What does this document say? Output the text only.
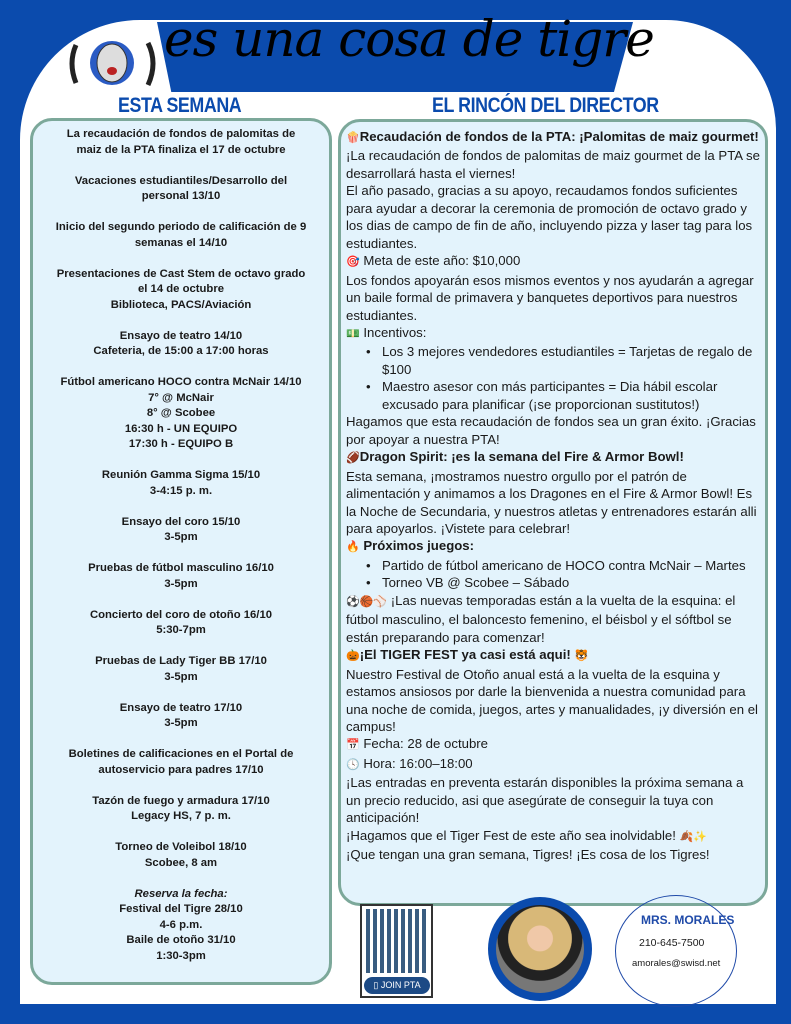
es una cosa de tigre
ESTA SEMANA	EL RINCÓN DEL DIRECTOR
La recaudación de fondos de palomitas de
maiz de la PTA finaliza el 17 de octubre
Vacaciones estudiantiles/Desarrollo del
personal 13/10
Inicio del segundo periodo de calificación de 9
semanas el 14/10
Presentaciones de Cast Stem de octavo grado
el 14 de octubre
Biblioteca, PACS/Aviación
Ensayo de teatro 14/10
Cafeteria, de 15:00 a 17:00 horas
Fútbol americano HOCO contra McNair 14/10
7° @ McNair
8° @ Scobee
16:30 h - UN EQUIPO
17:30 h - EQUIPO B
Reunión Gamma Sigma 15/10
3-4:15 p. m.
Ensayo del coro 15/10
3-5pm
Pruebas de fútbol masculino 16/10
3-5pm
Concierto del coro de otoño 16/10
5:30-7pm
Pruebas de Lady Tiger BB 17/10
3-5pm
Ensayo de teatro 17/10
3-5pm
Boletines de calificaciones en el Portal de
autoservicio para padres 17/10
Tazón de fuego y armadura 17/10
Legacy HS, 7 p. m.
Torneo de Voleibol 18/10
Scobee, 8 am
Reserva la fecha:
Festival del Tigre 28/10
4-6 p.m.
Baile de otoño 31/10
1:30-3pm
🍿Recaudación de fondos de la PTA: ¡Palomitas de maiz gourmet!
¡La recaudación de fondos de palomitas de maiz gourmet de la PTA se desarrollará hasta el viernes!
El año pasado, gracias a su apoyo, recaudamos fondos suficientes para ayudar a decorar la ceremonia de promoción de octavo grado y los dias de campo de fin de año, incluyendo pizza y laser tag para los estudiantes.
🎯 Meta de este año: $10,000
Los fondos apoyarán esos mismos eventos y nos ayudarán a agregar un baile formal de primavera y banquetes deportivos para nuestros estudiantes.
💵 Incentivos:
• Los 3 mejores vendedores estudiantiles = Tarjetas de regalo de $100
• Maestro asesor con más participantes = Dia hábil escolar excusado para planificar (¡se proporcionan sustitutos!)
Hagamos que esta recaudación de fondos sea un gran éxito. ¡Gracias por apoyar a nuestra PTA!
🏈Dragon Spirit: ¡es la semana del Fire & Armor Bowl!
Esta semana, ¡mostramos nuestro orgullo por el patrón de alimentación y animamos a los Dragones en el Fire & Armor Bowl! Es la Noche de Secundaria, y nuestros atletas y entrenadores estarán alli para apoyarlos. ¡Vistete para celebrar!
🔥 Próximos juegos:
• Partido de fútbol americano de HOCO contra McNair – Martes
• Torneo VB @ Scobee – Sábado
⚽🏀⚾ ¡Las nuevas temporadas están a la vuelta de la esquina: el fútbol masculino, el baloncesto femenino, el béisbol y el sóftbol se están preparando para comenzar!
🎃¡El TIGER FEST ya casi está aqui! 🐯
Nuestro Festival de Otoño anual está a la vuelta de la esquina y estamos ansiosos por darle la bienvenida a nuestra comunidad para una noche de comida, juegos, artes y manualidades, ¡y diversión en el campus!
📅 Fecha: 28 de octubre
🕓 Hora: 16:00–18:00
¡Las entradas en preventa estarán disponibles la próxima semana a un precio reducido, asi que asegúrate de conseguir la tuya con anticipación!
¡Hagamos que el Tiger Fest de este año sea inolvidable! 🍂✨
¡Que tengan una gran semana, Tigres! ¡Es cosa de los Tigres!
▯ JOIN PTA
MRS. MORALES
210-645-7500
amorales@swisd.net
